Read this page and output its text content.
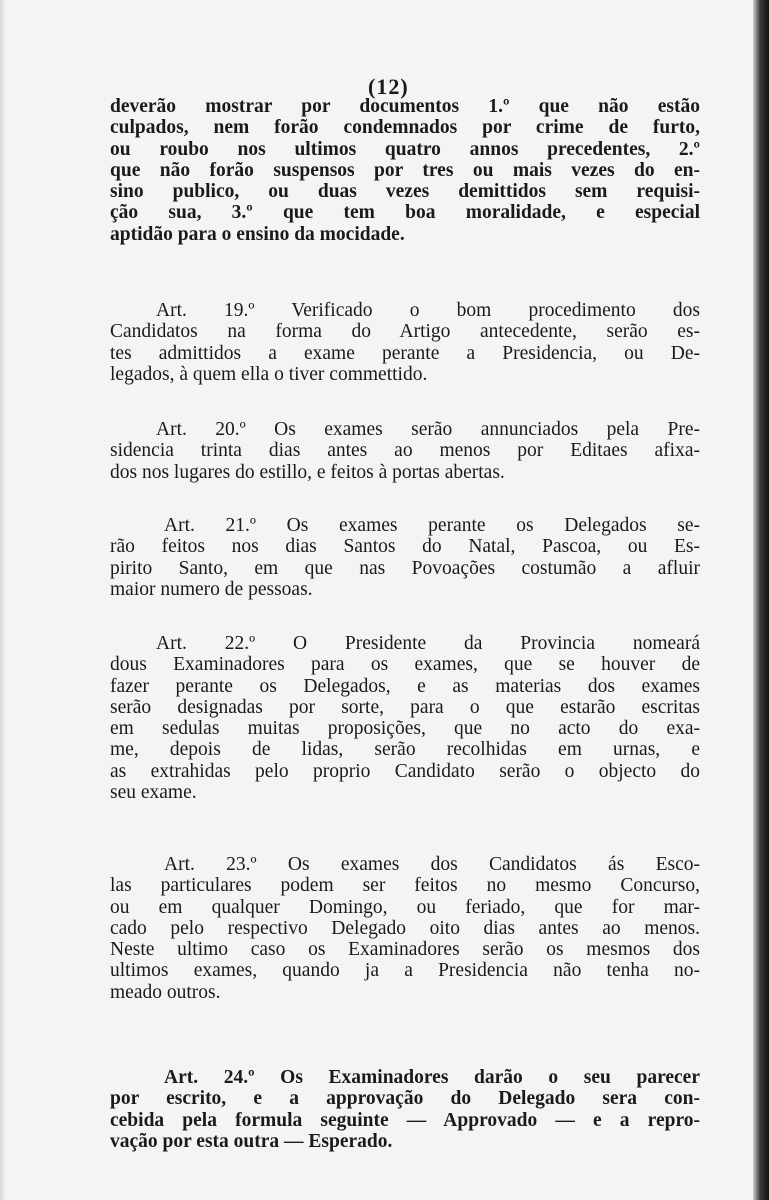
(12)
deverão mostrar por documentos 1.º que não estão
culpados, nem forão condemnados por crime de furto,
ou roubo nos ultimos quatro annos precedentes, 2.º
que não forão suspensos por tres ou mais vezes do en-
sino publico, ou duas vezes demittidos sem requisi-
ção sua, 3.º que tem boa moralidade, e especial
aptidão para o ensino da mocidade.
Art. 19.º Verificado o bom procedimento dos
Candidatos na forma do Artigo antecedente, serão es-
tes admittidos a exame perante a Presidencia, ou De-
legados, à quem ella o tiver commettido.
Art. 20.º Os exames serão annunciados pela Pre-
sidencia trinta dias antes ao menos por Editaes afixa-
dos nos lugares do estillo, e feitos à portas abertas.
Art. 21.º Os exames perante os Delegados se-
rão feitos nos dias Santos do Natal, Pascoa, ou Es-
pirito Santo, em que nas Povoações costumão a afluir
maior numero de pessoas.
Art. 22.º O Presidente da Provincia nomeará
dous Examinadores para os exames, que se houver de
fazer perante os Delegados, e as materias dos exames
serão designadas por sorte, para o que estarão escritas
em sedulas muitas proposições, que no acto do exa-
me, depois de lidas, serão recolhidas em urnas, e
as extrahidas pelo proprio Candidato serão o objecto do
seu exame.
Art. 23.º Os exames dos Candidatos ás Esco-
las particulares podem ser feitos no mesmo Concurso,
ou em qualquer Domingo, ou feriado, que for mar-
cado pelo respectivo Delegado oito dias antes ao menos.
Neste ultimo caso os Examinadores serão os mesmos dos
ultimos exames, quando ja a Presidencia não tenha no-
meado outros.
Art. 24.º Os Examinadores darão o seu parecer
por escrito, e a approvação do Delegado sera con-
cebida pela formula seguinte — Approvado — e a repro-
vação por esta outra — Esperado.
